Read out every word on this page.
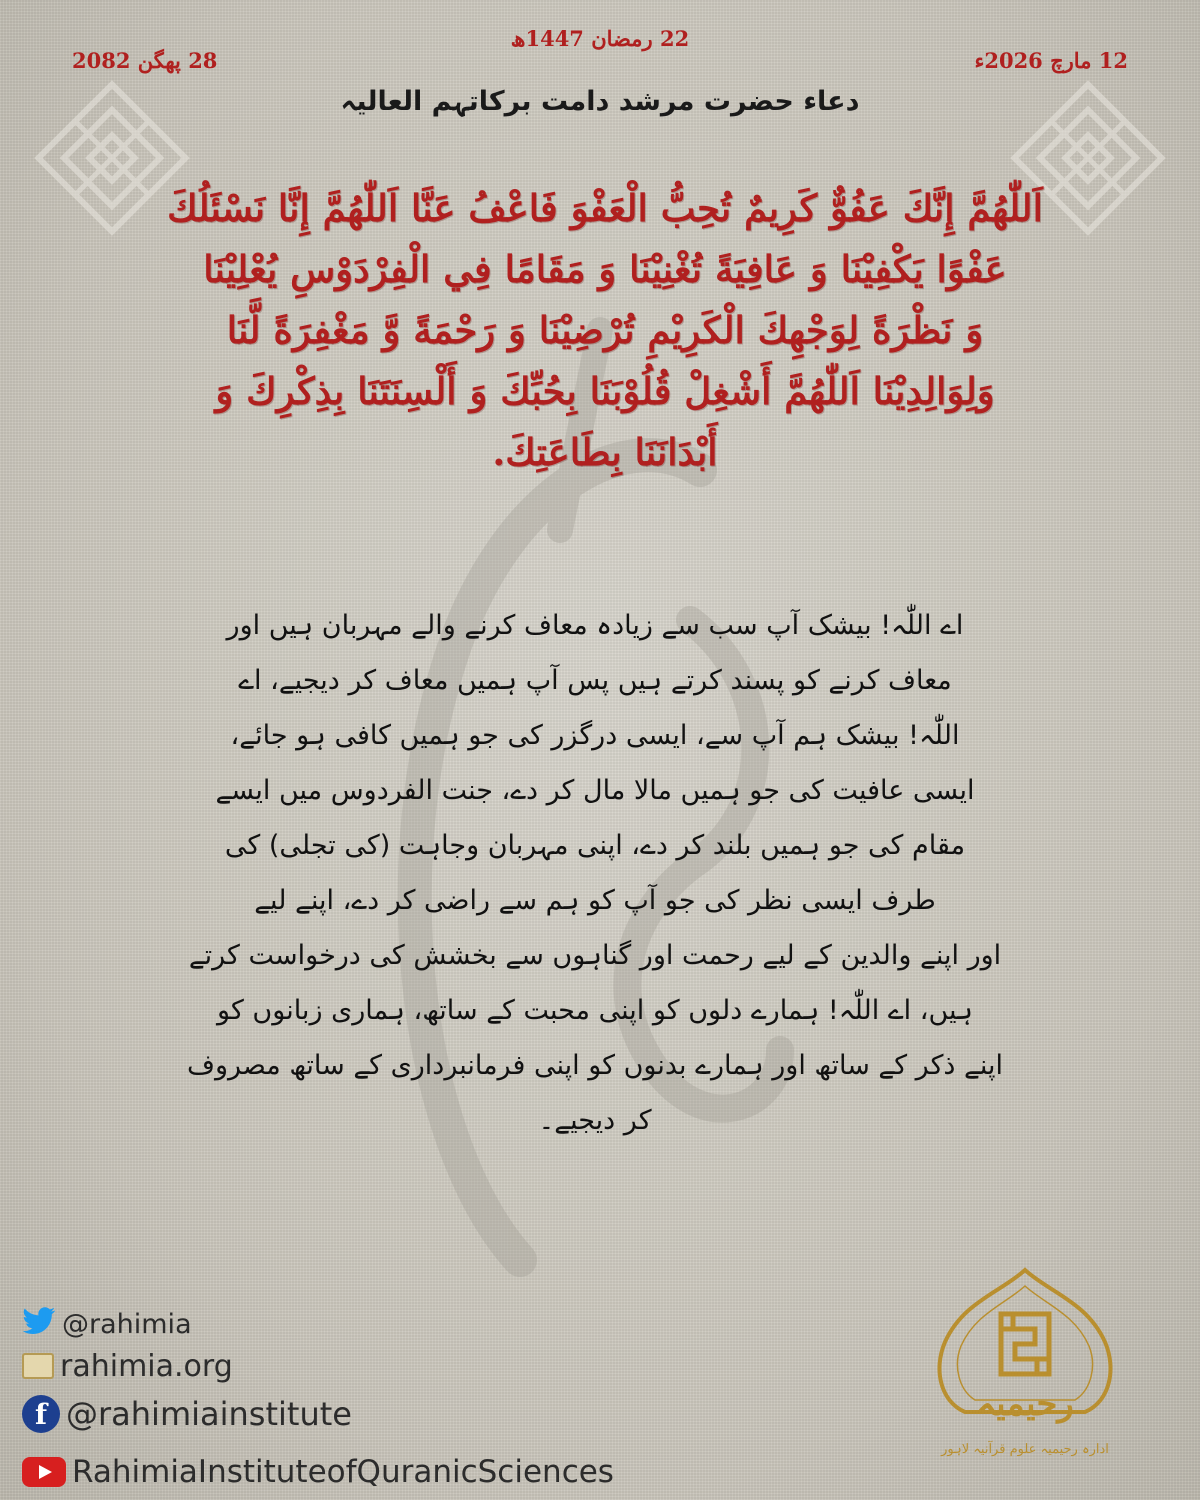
12 مارچ 2026ء
22 رمضان 1447ھ
28 پھگن 2082
دعاء حضرت مرشد دامت برکاتہم العالیہ
اَللّٰھُمَّ إِنَّكَ عَفُوٌّ كَرِيمٌ تُحِبُّ الْعَفْوَ فَاعْفُ عَنَّا اَللّٰھُمَّ إِنَّا نَسْئَلُكَ
عَفْوًا يَكْفِيْنَا وَ عَافِيَةً تُغْنِيْنَا وَ مَقَامًا فِي الْفِرْدَوْسِ يُعْلِيْنَا
وَ نَظْرَةً لِوَجْهِكَ الْكَرِيْمِ تُرْضِيْنَا وَ رَحْمَةً وَّ مَغْفِرَةً لَّنَا
وَلِوَالِدِيْنَا اَللّٰھُمَّ أَشْغِلْ قُلُوْبَنَا بِحُبِّكَ وَ أَلْسِنَتَنَا بِذِكْرِكَ وَ
أَبْدَانَنَا بِطَاعَتِكَ.
اے اللّٰہ! بیشک آپ سب سے زیادہ معاف کرنے والے مہربان ہیں اور
معاف کرنے کو پسند کرتے ہیں پس آپ ہمیں معاف کر دیجیے، اے
اللّٰہ! بیشک ہم آپ سے، ایسی درگزر کی جو ہمیں کافی ہو جائے،
ایسی عافیت کی جو ہمیں مالا مال کر دے، جنت الفردوس میں ایسے
مقام کی جو ہمیں بلند کر دے، اپنی مہربان وجاہت (کی تجلی) کی
طرف ایسی نظر کی جو آپ کو ہم سے راضی کر دے، اپنے لیے
اور اپنے والدین کے لیے رحمت اور گناہوں سے بخشش کی درخواست کرتے
ہیں، اے اللّٰہ! ہمارے دلوں کو اپنی محبت کے ساتھ، ہماری زبانوں کو
اپنے ذکر کے ساتھ اور ہمارے بدنوں کو اپنی فرمانبرداری کے ساتھ مصروف
کر دیجیے۔
@rahimia
rahimia.org
f @rahimiainstitute
RahimiaInstituteofQuranicSciences
رحیمیہ
ادارہ رحیمیہ علوم قرآنیہ لاہور
